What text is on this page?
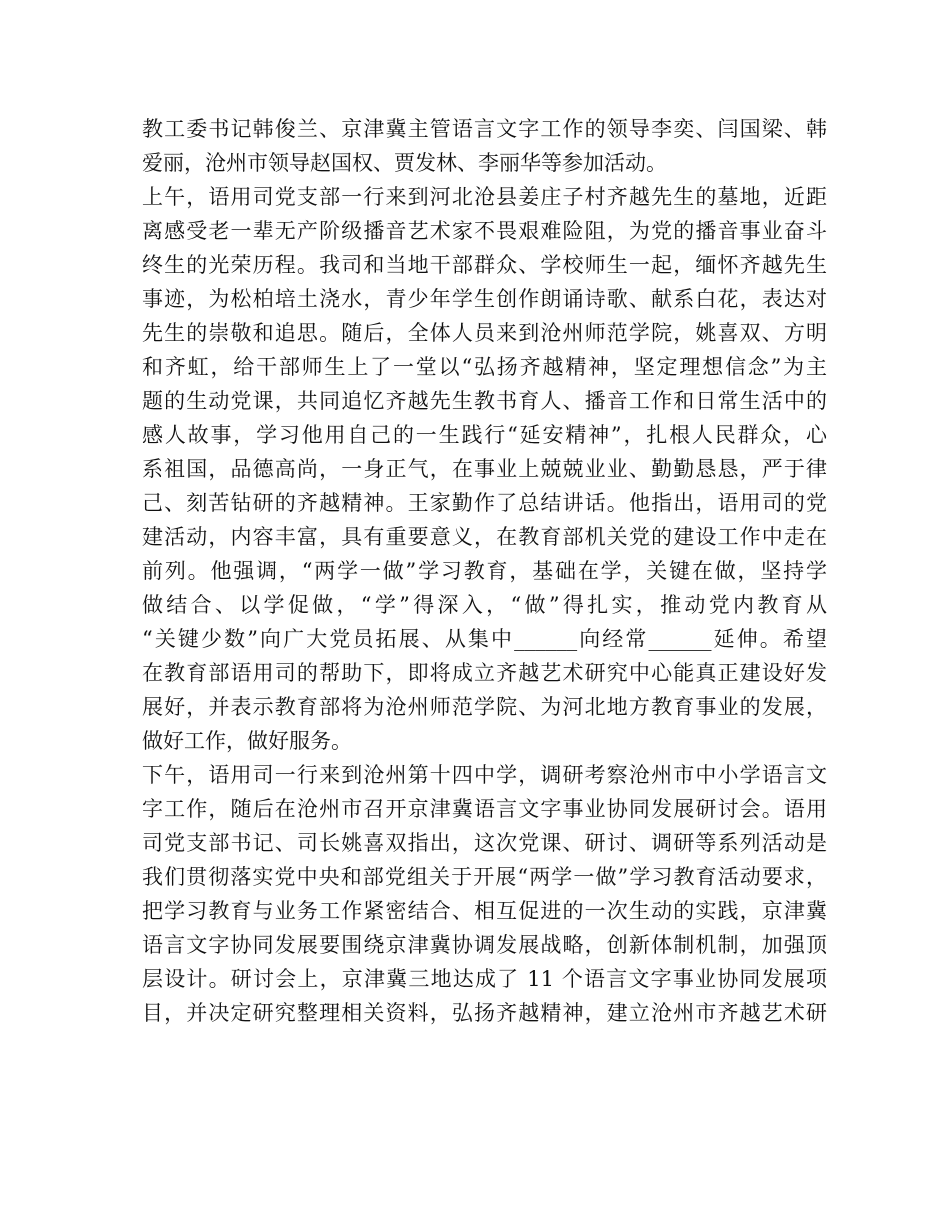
教工委书记韩俊兰、京津冀主管语言文字工作的领导李奕、闫国梁、韩

爱丽，沧州市领导赵国权、贾发林、李丽华等参加活动。

上午，语用司党支部一行来到河北沧县姜庄子村齐越先生的墓地，近距

离感受老一辈无产阶级播音艺术家不畏艰难险阻，为党的播音事业奋斗

终生的光荣历程。我司和当地干部群众、学校师生一起，缅怀齐越先生

事迹，为松柏培土浇水，青少年学生创作朗诵诗歌、献系白花，表达对

先生的崇敬和追思。随后，全体人员来到沧州师范学院，姚喜双、方明

和齐虹，给干部师生上了一堂以“弘扬齐越精神，坚定理想信念”为主

题的生动党课，共同追忆齐越先生教书育人、播音工作和日常生活中的

感人故事，学习他用自己的一生践行“延安精神”，扎根人民群众，心

系祖国，品德高尚，一身正气，在事业上兢兢业业、勤勤恳恳，严于律

己、刻苦钻研的齐越精神。王家勤作了总结讲话。他指出，语用司的党

建活动，内容丰富，具有重要意义，在教育部机关党的建设工作中走在

前列。他强调，“两学一做”学习教育，基础在学，关键在做，坚持学

做结合、以学促做，“学”得深入，“做”得扎实，推动党内教育从

“关键少数”向广大党员拓展、从集中______向经常______延伸。希望

在教育部语用司的帮助下，即将成立齐越艺术研究中心能真正建设好发

展好，并表示教育部将为沧州师范学院、为河北地方教育事业的发展，

做好工作，做好服务。

下午，语用司一行来到沧州第十四中学，调研考察沧州市中小学语言文

字工作，随后在沧州市召开京津冀语言文字事业协同发展研讨会。语用

司党支部书记、司长姚喜双指出，这次党课、研讨、调研等系列活动是

我们贯彻落实党中央和部党组关于开展“两学一做”学习教育活动要求，

把学习教育与业务工作紧密结合、相互促进的一次生动的实践，京津冀

语言文字协同发展要围绕京津冀协调发展战略，创新体制机制，加强顶

层设计。研讨会上，京津冀三地达成了 11 个语言文字事业协同发展项

目，并决定研究整理相关资料，弘扬齐越精神，建立沧州市齐越艺术研
